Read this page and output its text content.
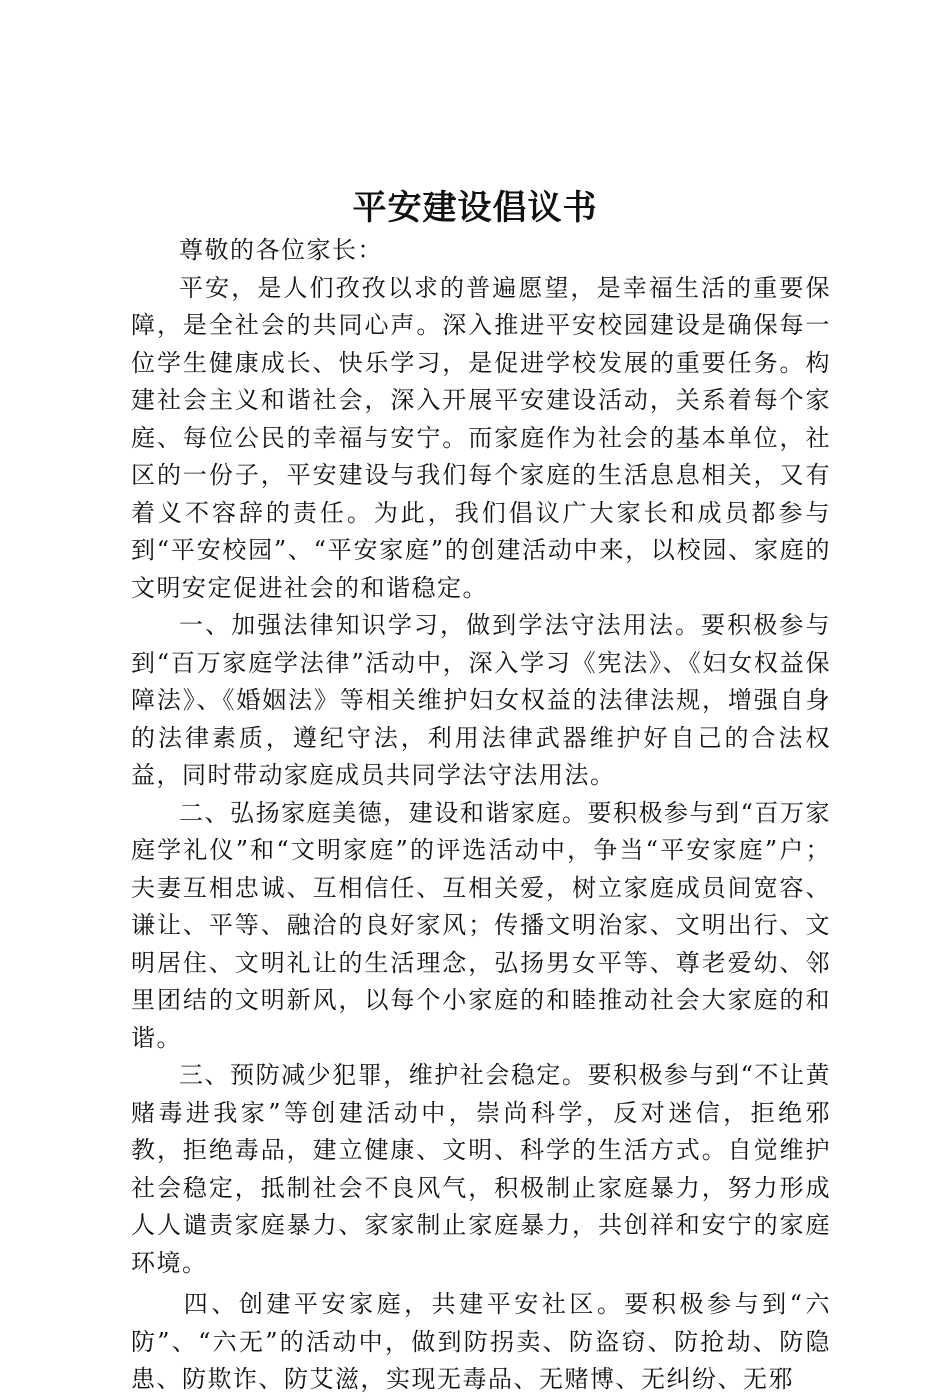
平安建设倡议书

尊敬的各位家长：

平安，是人们孜孜以求的普遍愿望，是幸福生活的重要保障，是全社会的共同心声。深入推进平安校园建设是确保每一位学生健康成长、快乐学习，是促进学校发展的重要任务。构建社会主义和谐社会，深入开展平安建设活动，关系着每个家庭、每位公民的幸福与安宁。而家庭作为社会的基本单位，社区的一份子，平安建设与我们每个家庭的生活息息相关，又有着义不容辞的责任。为此，我们倡议广大家长和成员都参与到“平安校园”、“平安家庭”的创建活动中来，以校园、家庭的文明安定促进社会的和谐稳定。

一、加强法律知识学习，做到学法守法用法。要积极参与到“百万家庭学法律”活动中，深入学习《宪法》、《妇女权益保障法》、《婚姻法》等相关维护妇女权益的法律法规，增强自身的法律素质，遵纪守法，利用法律武器维护好自己的合法权益，同时带动家庭成员共同学法守法用法。

二、弘扬家庭美德，建设和谐家庭。要积极参与到“百万家庭学礼仪”和“文明家庭”的评选活动中，争当“平安家庭”户；夫妻互相忠诚、互相信任、互相关爱，树立家庭成员间宽容、谦让、平等、融洽的良好家风；传播文明治家、文明出行、文明居住、文明礼让的生活理念，弘扬男女平等、尊老爱幼、邻里团结的文明新风，以每个小家庭的和睦推动社会大家庭的和谐。

三、预防减少犯罪，维护社会稳定。要积极参与到“不让黄赌毒进我家”等创建活动中，崇尚科学，反对迷信，拒绝邪教，拒绝毒品，建立健康、文明、科学的生活方式。自觉维护社会稳定，抵制社会不良风气，积极制止家庭暴力，努力形成人人谴责家庭暴力、家家制止家庭暴力，共创祥和安宁的家庭环境。

四、创建平安家庭，共建平安社区。要积极参与到“六防”、“六无”的活动中，做到防拐卖、防盗窃、防抢劫、防隐患、防欺诈、防艾滋，实现无毒品、无赌博、无纠纷、无邪
